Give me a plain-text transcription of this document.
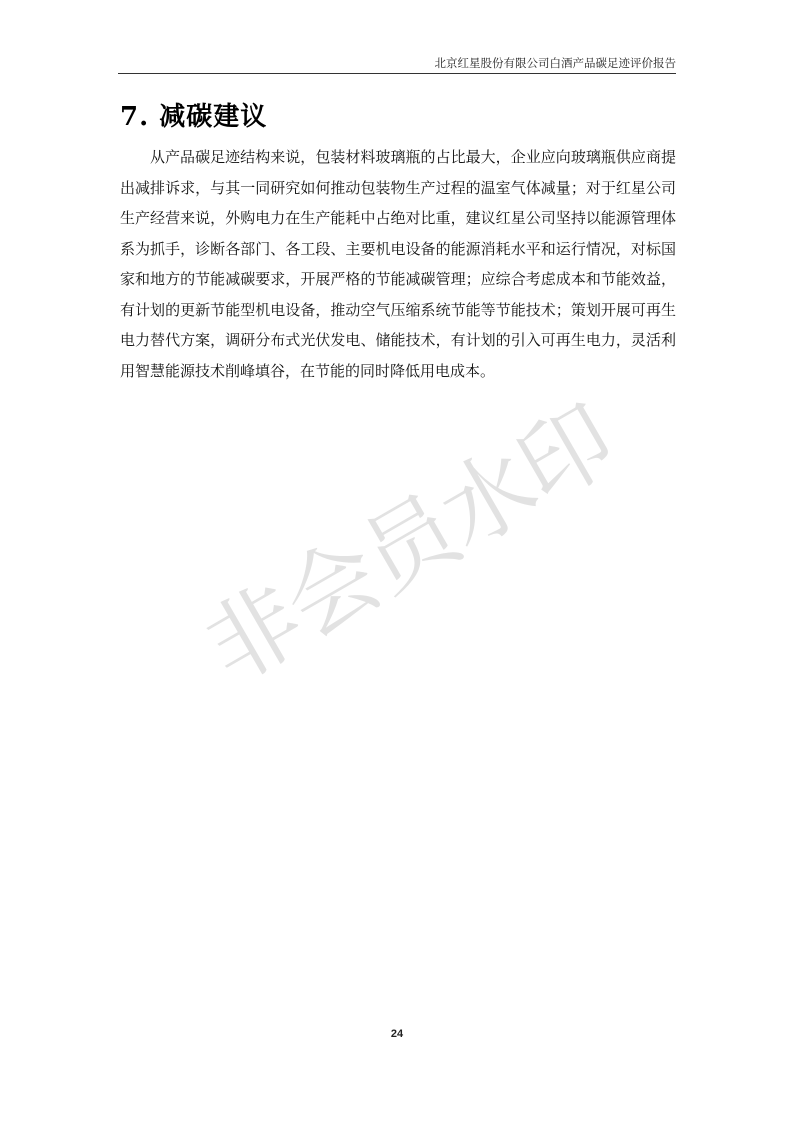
北京红星股份有限公司白酒产品碳足迹评价报告
7. 减碳建议

从产品碳足迹结构来说，包装材料玻璃瓶的占比最大，企业应向玻璃瓶供应商提出减排诉求，与其一同研究如何推动包装物生产过程的温室气体减量；对于红星公司生产经营来说，外购电力在生产能耗中占绝对比重，建议红星公司坚持以能源管理体系为抓手，诊断各部门、各工段、主要机电设备的能源消耗水平和运行情况，对标国家和地方的节能减碳要求，开展严格的节能减碳管理；应综合考虑成本和节能效益，有计划的更新节能型机电设备，推动空气压缩系统节能等节能技术；策划开展可再生电力替代方案，调研分布式光伏发电、储能技术，有计划的引入可再生电力，灵活利用智慧能源技术削峰填谷，在节能的同时降低用电成本。

非会员水印
24
